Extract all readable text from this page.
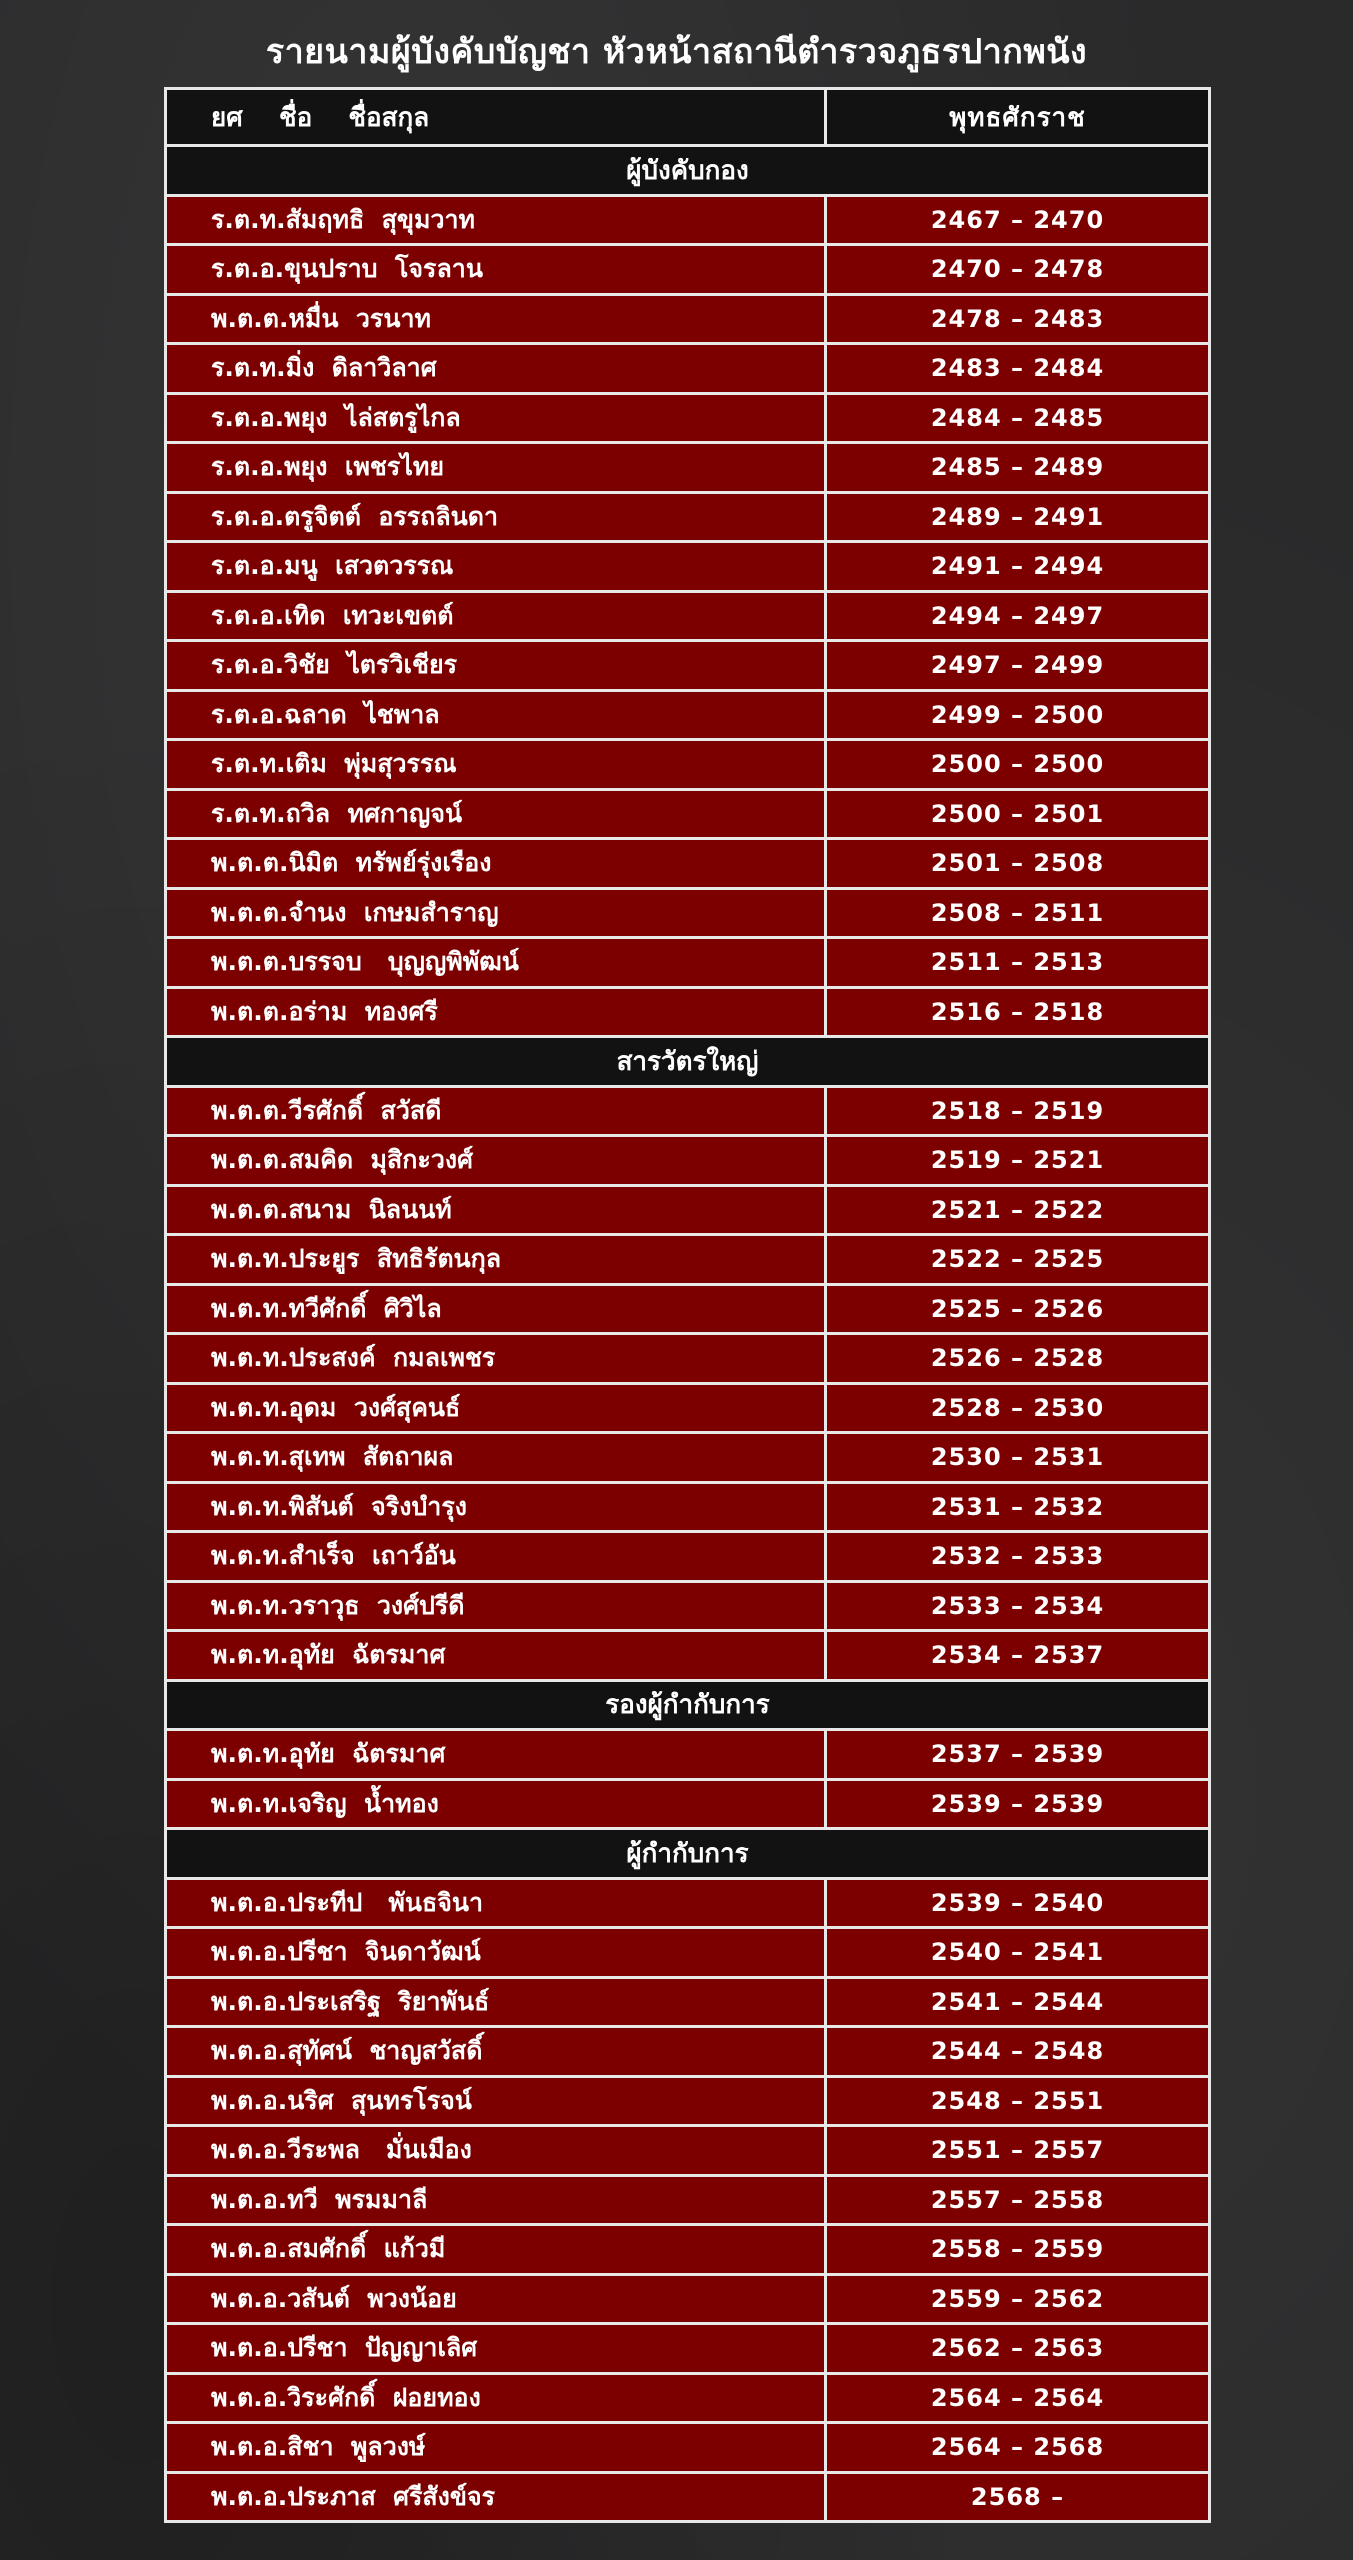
รายนามผู้บังคับบัญชา หัวหน้าสถานีตำรวจภูธรปากพนัง
ยศ    ชื่อ    ชื่อสกุล	พุทธศักราช
ผู้บังคับกอง
ร.ต.ท.สัมฤทธิ  สุขุมวาท	2467 – 2470
ร.ต.อ.ขุนปราบ  โจรลาน	2470 – 2478
พ.ต.ต.หมื่น  วรนาท	2478 – 2483
ร.ต.ท.มิ่ง  ดิลาวิลาศ	2483 – 2484
ร.ต.อ.พยุง  ไล่สตรูไกล	2484 – 2485
ร.ต.อ.พยุง  เพชรไทย	2485 – 2489
ร.ต.อ.ตรูจิตต์  อรรถลินดา	2489 – 2491
ร.ต.อ.มนู  เสวตวรรณ	2491 – 2494
ร.ต.อ.เทิด  เทวะเขตต์	2494 – 2497
ร.ต.อ.วิชัย  ไตรวิเชียร	2497 – 2499
ร.ต.อ.ฉลาด  ไชพาล	2499 – 2500
ร.ต.ท.เติม  พุ่มสุวรรณ	2500 – 2500
ร.ต.ท.ถวิล  ทศกาญจน์	2500 – 2501
พ.ต.ต.นิมิต  ทรัพย์รุ่งเรือง	2501 – 2508
พ.ต.ต.จำนง  เกษมสำราญ	2508 – 2511
พ.ต.ต.บรรจบ   บุญญพิพัฒน์	2511 – 2513
พ.ต.ต.อร่าม  ทองศรี	2516 – 2518
สารวัตรใหญ่
พ.ต.ต.วีรศักดิ์  สวัสดี	2518 – 2519
พ.ต.ต.สมคิด  มุสิกะวงศ์	2519 – 2521
พ.ต.ต.สนาม  นิลนนท์	2521 – 2522
พ.ต.ท.ประยูร  สิทธิรัตนกุล	2522 – 2525
พ.ต.ท.ทวีศักดิ์  ศิวิไล	2525 – 2526
พ.ต.ท.ประสงค์  กมลเพชร	2526 – 2528
พ.ต.ท.อุดม  วงศ์สุคนธ์	2528 – 2530
พ.ต.ท.สุเทพ  สัตถาผล	2530 – 2531
พ.ต.ท.พิสันต์  จริงบำรุง	2531 – 2532
พ.ต.ท.สำเร็จ  เถาว์อัน	2532 – 2533
พ.ต.ท.วราวุธ  วงศ์ปรีดี	2533 – 2534
พ.ต.ท.อุทัย  ฉัตรมาศ	2534 – 2537
รองผู้กำกับการ
พ.ต.ท.อุทัย  ฉัตรมาศ	2537 – 2539
พ.ต.ท.เจริญ  น้ำทอง	2539 – 2539
ผู้กำกับการ
พ.ต.อ.ประทีป   พันธจินา	2539 – 2540
พ.ต.อ.ปรีชา  จินดาวัฒน์	2540 – 2541
พ.ต.อ.ประเสริฐ  ริยาพันธ์	2541 – 2544
พ.ต.อ.สุทัศน์  ชาญสวัสดิ์	2544 – 2548
พ.ต.อ.นริศ  สุนทรโรจน์	2548 – 2551
พ.ต.อ.วีระพล   มั่นเมือง	2551 – 2557
พ.ต.อ.ทวี  พรมมาลี	2557 – 2558
พ.ต.อ.สมศักดิ์  แก้วมี	2558 – 2559
พ.ต.อ.วสันต์  พวงน้อย	2559 – 2562
พ.ต.อ.ปรีชา  ปัญญาเลิศ	2562 – 2563
พ.ต.อ.วิระศักดิ์  ฝอยทอง	2564 – 2564
พ.ต.อ.สิชา  พูลวงษ์	2564 – 2568
พ.ต.อ.ประภาส  ศรีสังข์จร	2568 –
